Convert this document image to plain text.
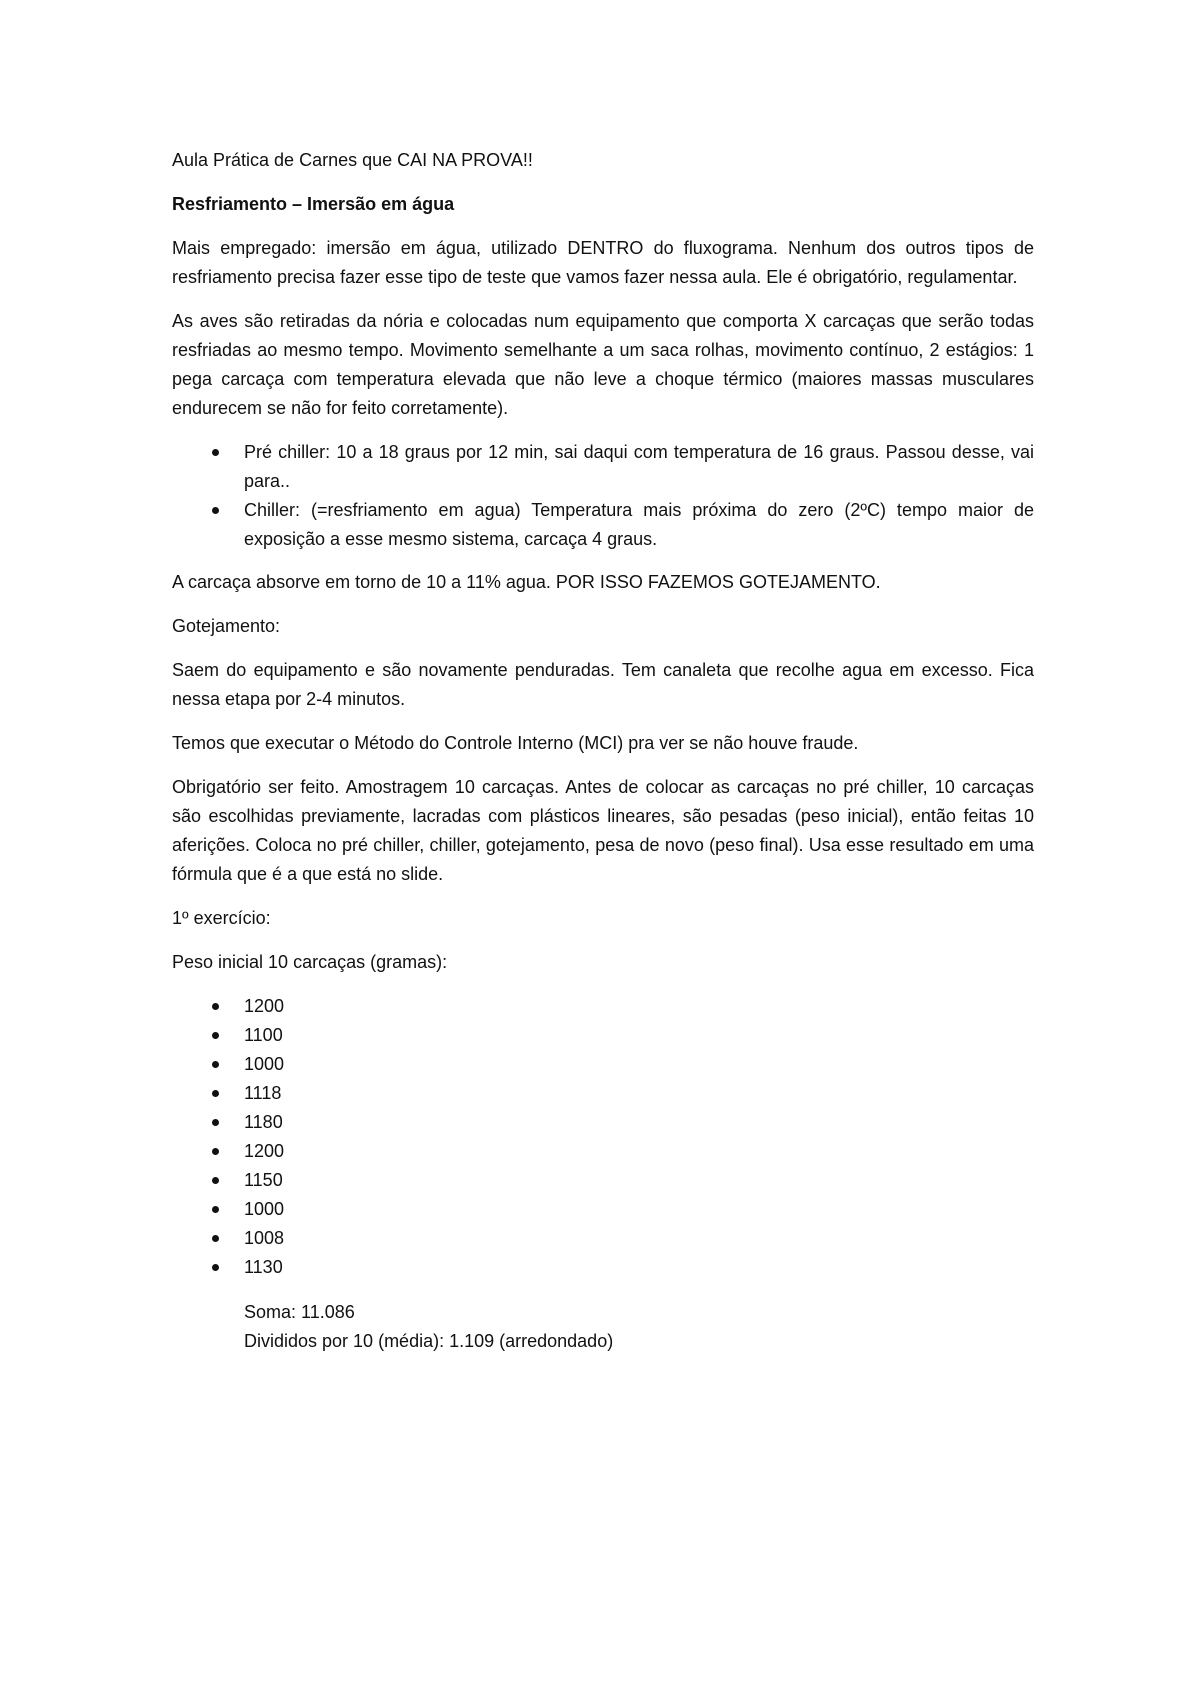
Aula Prática de Carnes que CAI NA PROVA!!

Resfriamento – Imersão em água

Mais empregado: imersão em água, utilizado DENTRO do fluxograma. Nenhum dos outros tipos de resfriamento precisa fazer esse tipo de teste que vamos fazer nessa aula. Ele é obrigatório, regulamentar.

As aves são retiradas da nória e colocadas num equipamento que comporta X carcaças que serão todas resfriadas ao mesmo tempo. Movimento semelhante a um saca rolhas, movimento contínuo, 2 estágios: 1 pega carcaça com temperatura elevada que não leve a choque térmico (maiores massas musculares endurecem se não for feito corretamente).

Pré chiller: 10 a 18 graus por 12 min, sai daqui com temperatura de 16 graus. Passou desse, vai para..
Chiller: (=resfriamento em agua) Temperatura mais próxima do zero (2ºC) tempo maior de exposição a esse mesmo sistema, carcaça 4 graus.

A carcaça absorve em torno de 10 a 11% agua. POR ISSO FAZEMOS GOTEJAMENTO.

Gotejamento:

Saem do equipamento e são novamente penduradas. Tem canaleta que recolhe agua em excesso. Fica nessa etapa por 2-4 minutos.

Temos que executar o Método do Controle Interno (MCI) pra ver se não houve fraude.

Obrigatório ser feito. Amostragem 10 carcaças. Antes de colocar as carcaças no pré chiller, 10 carcaças são escolhidas previamente, lacradas com plásticos lineares, são pesadas (peso inicial), então feitas 10 aferições. Coloca no pré chiller, chiller, gotejamento, pesa de novo (peso final). Usa esse resultado em uma fórmula que é a que está no slide.

1º exercício:

Peso inicial 10 carcaças (gramas):

1200
1100
1000
1118
1180
1200
1150
1000
1008
1130

Soma: 11.086

Divididos por 10 (média): 1.109 (arredondado)
